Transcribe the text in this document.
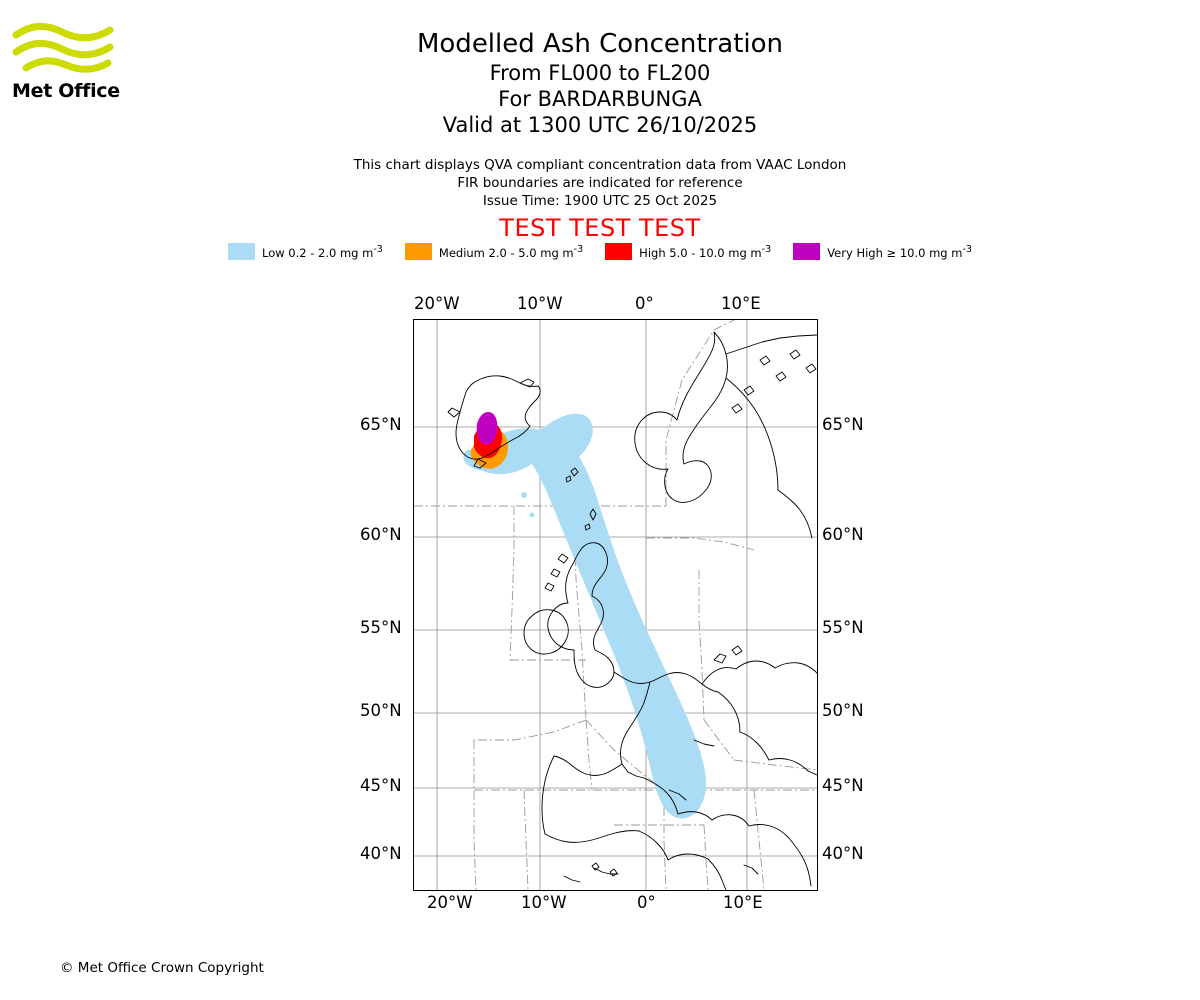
Met Office
Modelled Ash Concentration
From FL000 to FL200
For BARDARBUNGA
Valid at 1300 UTC 26/10/2025
This chart displays QVA compliant concentration data from VAAC London
FIR boundaries are indicated for reference
Issue Time: 1900 UTC 25 Oct 2025
TEST TEST TEST
Low 0.2 - 2.0 mg $m^{-3}$	Medium 2.0 - 5.0 mg $m^{-3}$	High 5.0 - 10.0 mg $m^{-3}$	Very High ≥ 10.0 mg $m^{-3}$
20°W	10°W	0°	10°E
20°W	10°W	0°	10°E
65°N
60°N
55°N
50°N
45°N
40°N
65°N
60°N
55°N
50°N
45°N
40°N
© Met Office Crown Copyright
